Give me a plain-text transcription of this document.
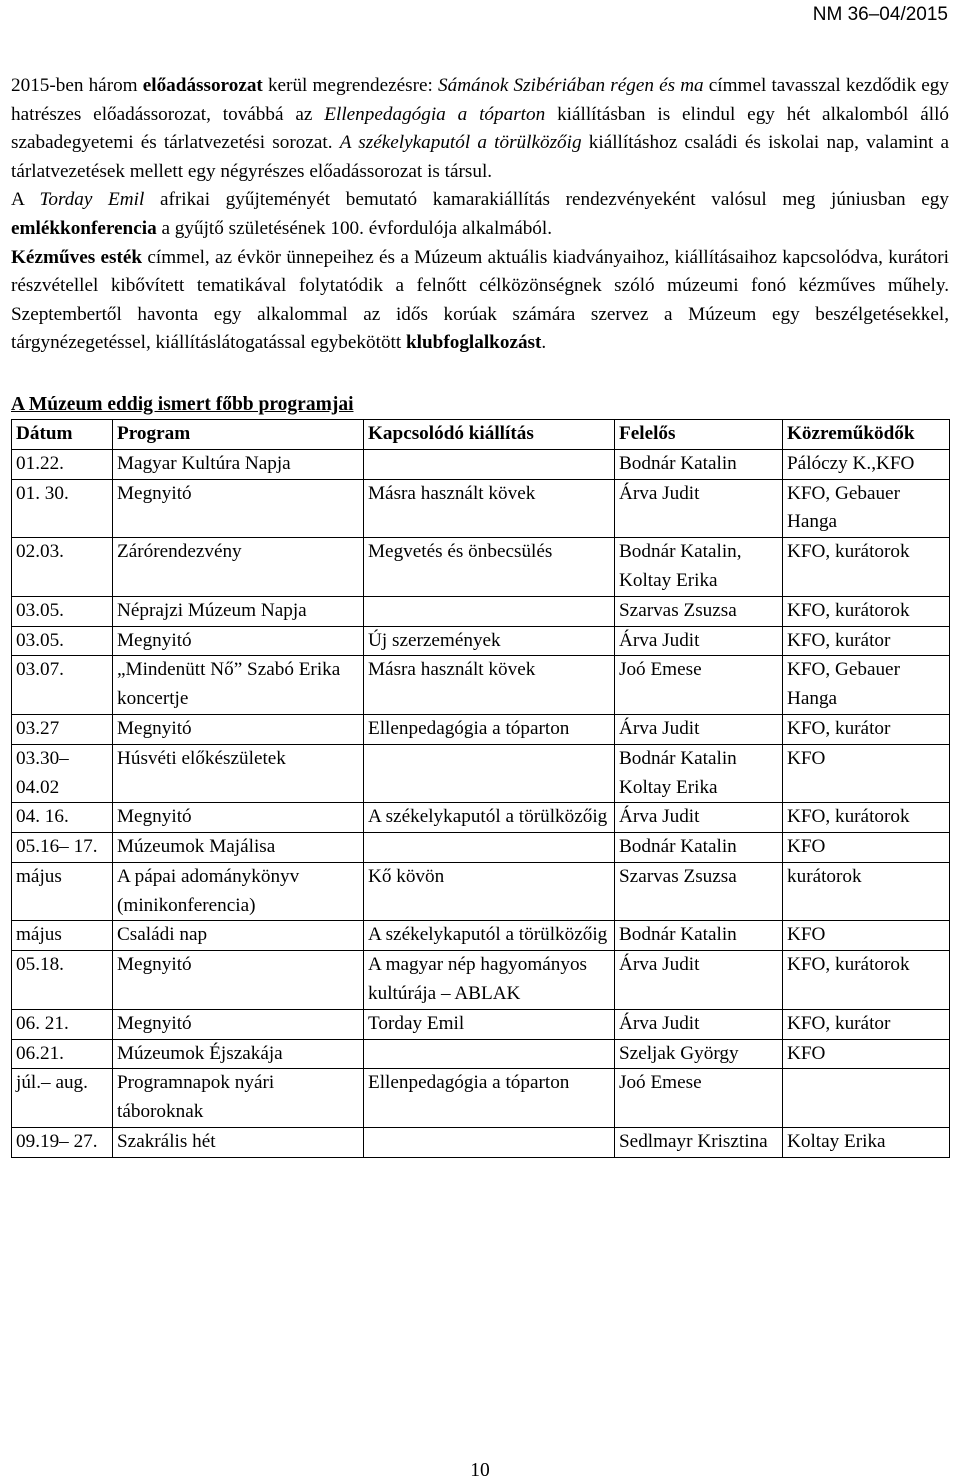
NM 36–04/2015

2015-ben három előadássorozat kerül megrendezésre: Sámánok Szibériában régen és ma címmel tavasszal kezdődik egy hatrészes előadássorozat, továbbá az Ellenpedagógia a tóparton kiállításban is elindul egy hét alkalomból álló szabadegyetemi és tárlatvezetési sorozat. A székelykaputól a törülközőig kiállításhoz családi és iskolai nap, valamint a tárlatvezetések mellett egy négyrészes előadássorozat is társul.

A Torday Emil afrikai gyűjteményét bemutató kamarakiállítás rendezvényeként valósul meg júniusban egy emlékkonferencia a gyűjtő születésének 100. évfordulója alkalmából.

Kézműves esték címmel, az évkör ünnepeihez és a Múzeum aktuális kiadványaihoz, kiállításaihoz kapcsolódva, kurátori részvétellel kibővített tematikával folytatódik a felnőtt célközönségnek szóló múzeumi fonó kézműves műhely. Szeptembertől havonta egy alkalommal az idős korúak számára szervez a Múzeum egy beszélgetésekkel, tárgynézegetéssel, kiállításlátogatással egybekötött klubfoglalkozást.

A Múzeum eddig ismert főbb programjai
Dátum	Program	Kapcsolódó kiállítás	Felelős	Közreműködők
01.22.	Magyar Kultúra Napja		Bodnár Katalin	Pálóczy K.,KFO
01. 30.	Megnyitó	Másra használt kövek	Árva Judit	KFO, Gebauer Hanga
02.03.	Zárórendezvény	Megvetés és önbecsülés	Bodnár Katalin, Koltay Erika	KFO, kurátorok
03.05.	Néprajzi Múzeum Napja		Szarvas Zsuzsa	KFO, kurátorok
03.05.	Megnyitó	Új szerzemények	Árva Judit	KFO, kurátor
03.07.	„Mindenütt Nő” Szabó Erika koncertje	Másra használt kövek	Joó Emese	KFO, Gebauer Hanga
03.27	Megnyitó	Ellenpedagógia a tóparton	Árva Judit	KFO, kurátor
03.30– 04.02	Húsvéti előkészületek		Bodnár Katalin Koltay Erika	KFO
04. 16.	Megnyitó	A székelykaputól a törülközőig	Árva Judit	KFO, kurátorok
05.16– 17.	Múzeumok Majálisa		Bodnár Katalin	KFO
május	A pápai adománykönyv (minikonferencia)	Kő kövön	Szarvas Zsuzsa	kurátorok
május	Családi nap	A székelykaputól a törülközőig	Bodnár Katalin	KFO
05.18.	Megnyitó	A magyar nép hagyományos kultúrája – ABLAK	Árva Judit	KFO, kurátorok
06. 21.	Megnyitó	Torday Emil	Árva Judit	KFO, kurátor
06.21.	Múzeumok Éjszakája		Szeljak György	KFO
júl.– aug.	Programnapok nyári táboroknak	Ellenpedagógia a tóparton	Joó Emese	
09.19– 27.	Szakrális hét		Sedlmayr Krisztina	Koltay Erika
10
